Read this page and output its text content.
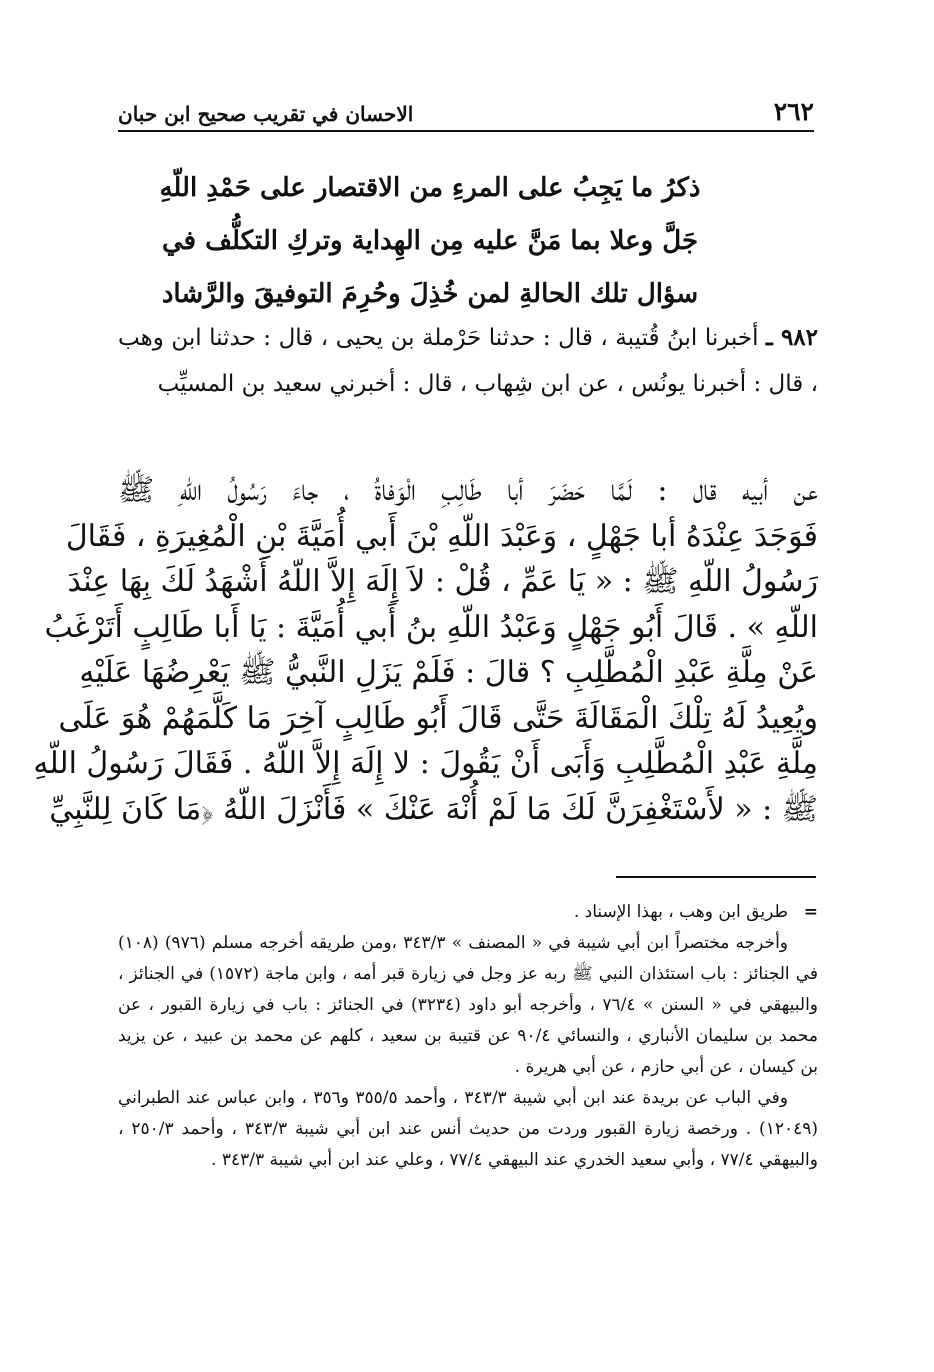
٢٦٢
الاحسان في تقريب صحيح ابن حبان
ذكرُ ما يَجِبُ على المرءِ من الاقتصار على حَمْدِ اللّهِ
جَلَّ وعلا بما مَنَّ عليه مِن الهِداية وتركِ التكلُّف في
سؤال تلك الحالةِ لمن خُذِلَ وحُرِمَ التوفيقَ والرَّشاد
٩٨٢ ـ أخبرنا ابنُ قُتيبة ، قال : حدثنا حَرْملة بن يحيى ، قال : حدثنا ابن وهب ، قال : أخبرنا يونُس ، عن ابن شِهاب ، قال : أخبرني سعيد بن المسيِّب
عن أبيه قال : لَمَّا حَضَرَ أبا طَالِبِ الْوَفاةُ ، جاءَ رَسُولُ اللّهِ ﷺ
فَوَجَدَ عِنْدَهُ أبا جَهْلٍ ، وَعَبْدَ اللّهِ بْنَ أَبي أُمَيَّةَ بْنِ الْمُغِيرَةِ ، فَقَالَ
رَسُولُ اللّهِ ﷺ : « يَا عَمِّ ، قُلْ : لاَ إِلَهَ إِلاَّ اللّهُ أَشْهَدُ لَكَ بِهَا عِنْدَ
اللّهِ » . قَالَ أَبُو جَهْلٍ وَعَبْدُ اللّهِ بنُ أَبي أُمَيَّةَ : يَا أَبا طَالِبٍ أَتَرْغَبُ
عَنْ مِلَّةِ عَبْدِ الْمُطَّلِبِ ؟ قالَ : فَلَمْ يَزَلِ النَّبيُّ ﷺ يَعْرِضُهَا عَلَيْهِ
ويُعِيدُ لَهُ تِلْكَ الْمَقَالَةَ حَتَّى قَالَ أَبُو طَالِبٍ آخِرَ مَا كَلَّمَهُمْ هُوَ عَلَى
مِلَّةِ عَبْدِ الْمُطَّلِبِ وَأَبَى أَنْ يَقُولَ : لا إِلَهَ إِلاَّ اللّهُ . فَقَالَ رَسُولُ اللّهِ
ﷺ : « لأَسْتَغْفِرَنَّ لَكَ مَا لَمْ أُنْهَ عَنْكَ » فَأَنْزَلَ اللّهُ ﴿مَا كَانَ لِلنَّبِيِّ

=
طريق ابن وهب ، بهذا الإسناد .

وأخرجه مختصراً ابن أبي شيبة في « المصنف » ٣٤٣/٣ ،ومن طريقه أخرجه مسلم (٩٧٦) (١٠٨) في الجنائز : باب استئذان النبي ﷺ ربه عز وجل في زيارة قبر أمه ، وابن ماجة (١٥٧٢) في الجنائز ، والبيهقي في « السنن » ٧٦/٤ ، وأخرجه أبو داود (٣٢٣٤) في الجنائز : باب في زيارة القبور ، عن محمد بن سليمان الأنباري ، والنسائي ٩٠/٤ عن قتيبة بن سعيد ، كلهم عن محمد بن عبيد ، عن يزيد بن كيسان ، عن أبي حازم ، عن أبي هريرة .

وفي الباب عن بريدة عند ابن أبي شيبة ٣٤٣/٣ ، وأحمد ٣٥٥/٥ و٣٥٦ ، وابن عباس عند الطبراني (١٢٠٤٩) . ورخصة زيارة القبور وردت من حديث أنس عند ابن أبي شيبة ٣٤٣/٣ ، وأحمد ٢٥٠/٣ ، والبيهقي ٧٧/٤ ، وأبي سعيد الخدري عند البيهقي ٧٧/٤ ، وعلي عند ابن أبي شيبة ٣٤٣/٣ .
